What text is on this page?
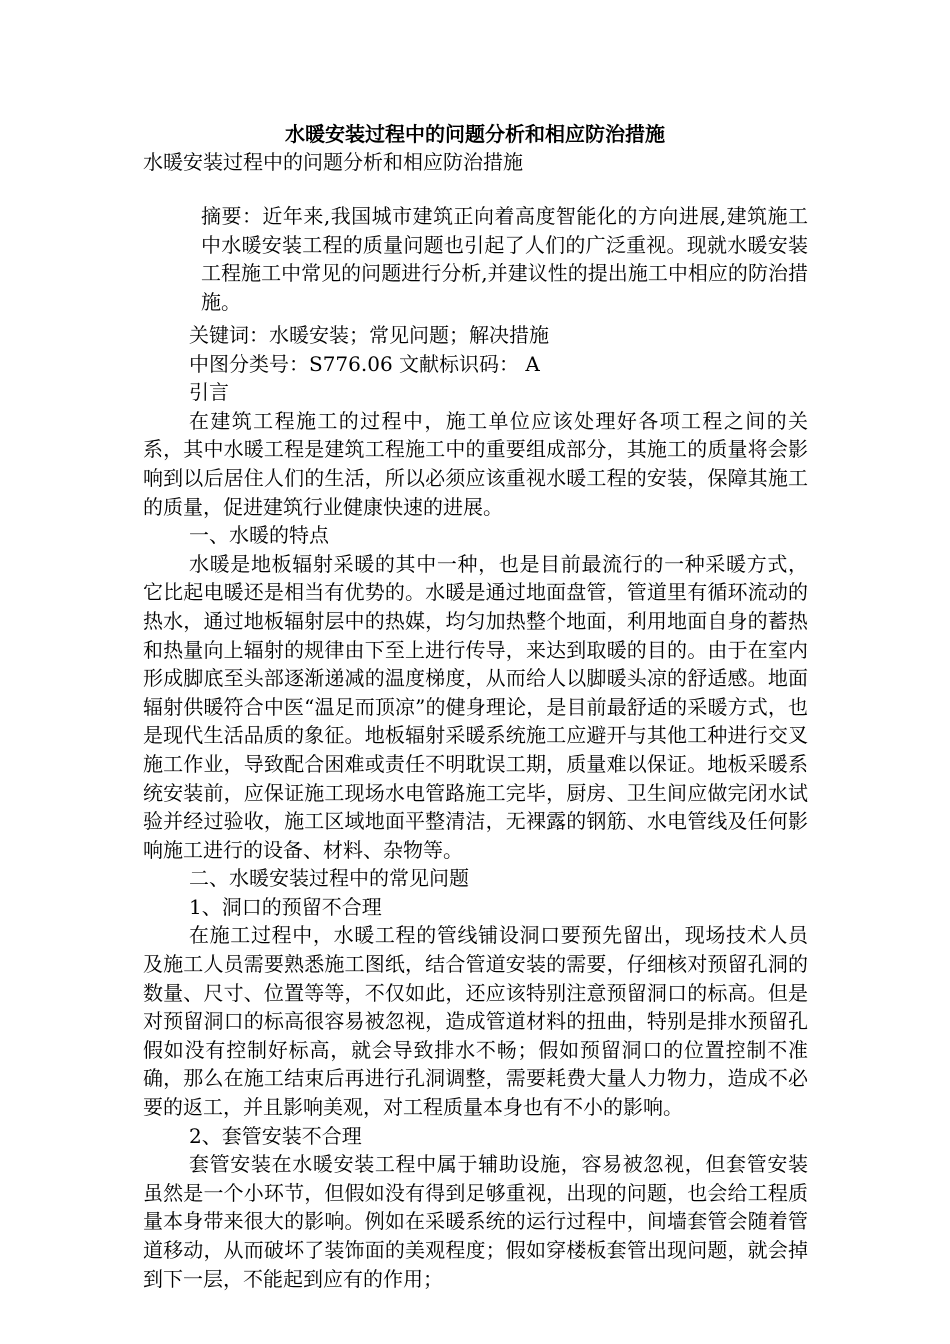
水暖安装过程中的问题分析和相应防治措施
水暖安装过程中的问题分析和相应防治措施

摘要：近年来,我国城市建筑正向着高度智能化的方向进展,建筑施工中水暖安装工程的质量问题也引起了人们的广泛重视。现就水暖安装工程施工中常见的问题进行分析,并建议性的提出施工中相应的防治措施。

关键词：水暖安装；常见问题；解决措施

中图分类号：S776.06 文献标识码： A

引言

在建筑工程施工的过程中，施工单位应该处理好各项工程之间的关系，其中水暖工程是建筑工程施工中的重要组成部分，其施工的质量将会影响到以后居住人们的生活，所以必须应该重视水暖工程的安装，保障其施工的质量，促进建筑行业健康快速的进展。

一、水暖的特点

水暖是地板辐射采暖的其中一种，也是目前最流行的一种采暖方式，它比起电暖还是相当有优势的。水暖是通过地面盘管，管道里有循环流动的热水，通过地板辐射层中的热媒，均匀加热整个地面，利用地面自身的蓄热和热量向上辐射的规律由下至上进行传导，来达到取暖的目的。由于在室内形成脚底至头部逐渐递减的温度梯度，从而给人以脚暖头凉的舒适感。地面辐射供暖符合中医“温足而顶凉”的健身理论，是目前最舒适的采暖方式，也是现代生活品质的象征。地板辐射采暖系统施工应避开与其他工种进行交叉施工作业，导致配合困难或责任不明耽误工期，质量难以保证。地板采暖系统安装前，应保证施工现场水电管路施工完毕，厨房、卫生间应做完闭水试验并经过验收，施工区域地面平整清洁，无裸露的钢筋、水电管线及任何影响施工进行的设备、材料、杂物等。

二、水暖安装过程中的常见问题

1、洞口的预留不合理

在施工过程中，水暖工程的管线铺设洞口要预先留出，现场技术人员及施工人员需要熟悉施工图纸，结合管道安装的需要，仔细核对预留孔洞的数量、尺寸、位置等等，不仅如此，还应该特别注意预留洞口的标高。但是对预留洞口的标高很容易被忽视，造成管道材料的扭曲，特别是排水预留孔假如没有控制好标高，就会导致排水不畅；假如预留洞口的位置控制不准确，那么在施工结束后再进行孔洞调整，需要耗费大量人力物力，造成不必要的返工，并且影响美观，对工程质量本身也有不小的影响。

2、套管安装不合理

套管安装在水暖安装工程中属于辅助设施，容易被忽视，但套管安装虽然是一个小环节，但假如没有得到足够重视，出现的问题，也会给工程质量本身带来很大的影响。例如在采暖系统的运行过程中，间墙套管会随着管道移动，从而破坏了装饰面的美观程度；假如穿楼板套管出现问题，就会掉到下一层，不能起到应有的作用；
